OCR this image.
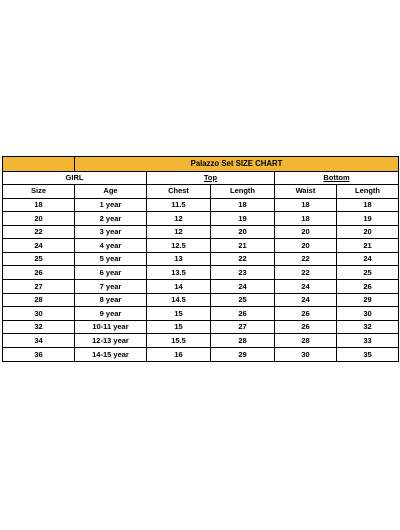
	Palazzo Set SIZE CHART				
GIRL		Top		Bottom	
Size	Age	Chest	Length	Waist	Length
18	1 year	11.5	18	18	18
20	2 year	12	19	18	19
22	3 year	12	20	20	20
24	4 year	12.5	21	20	21
25	5 year	13	22	22	24
26	6 year	13.5	23	22	25
27	7 year	14	24	24	26
28	8 year	14.5	25	24	29
30	9 year	15	26	26	30
32	10-11 year	15	27	26	32
34	12-13 year	15.5	28	28	33
36	14-15 year	16	29	30	35
